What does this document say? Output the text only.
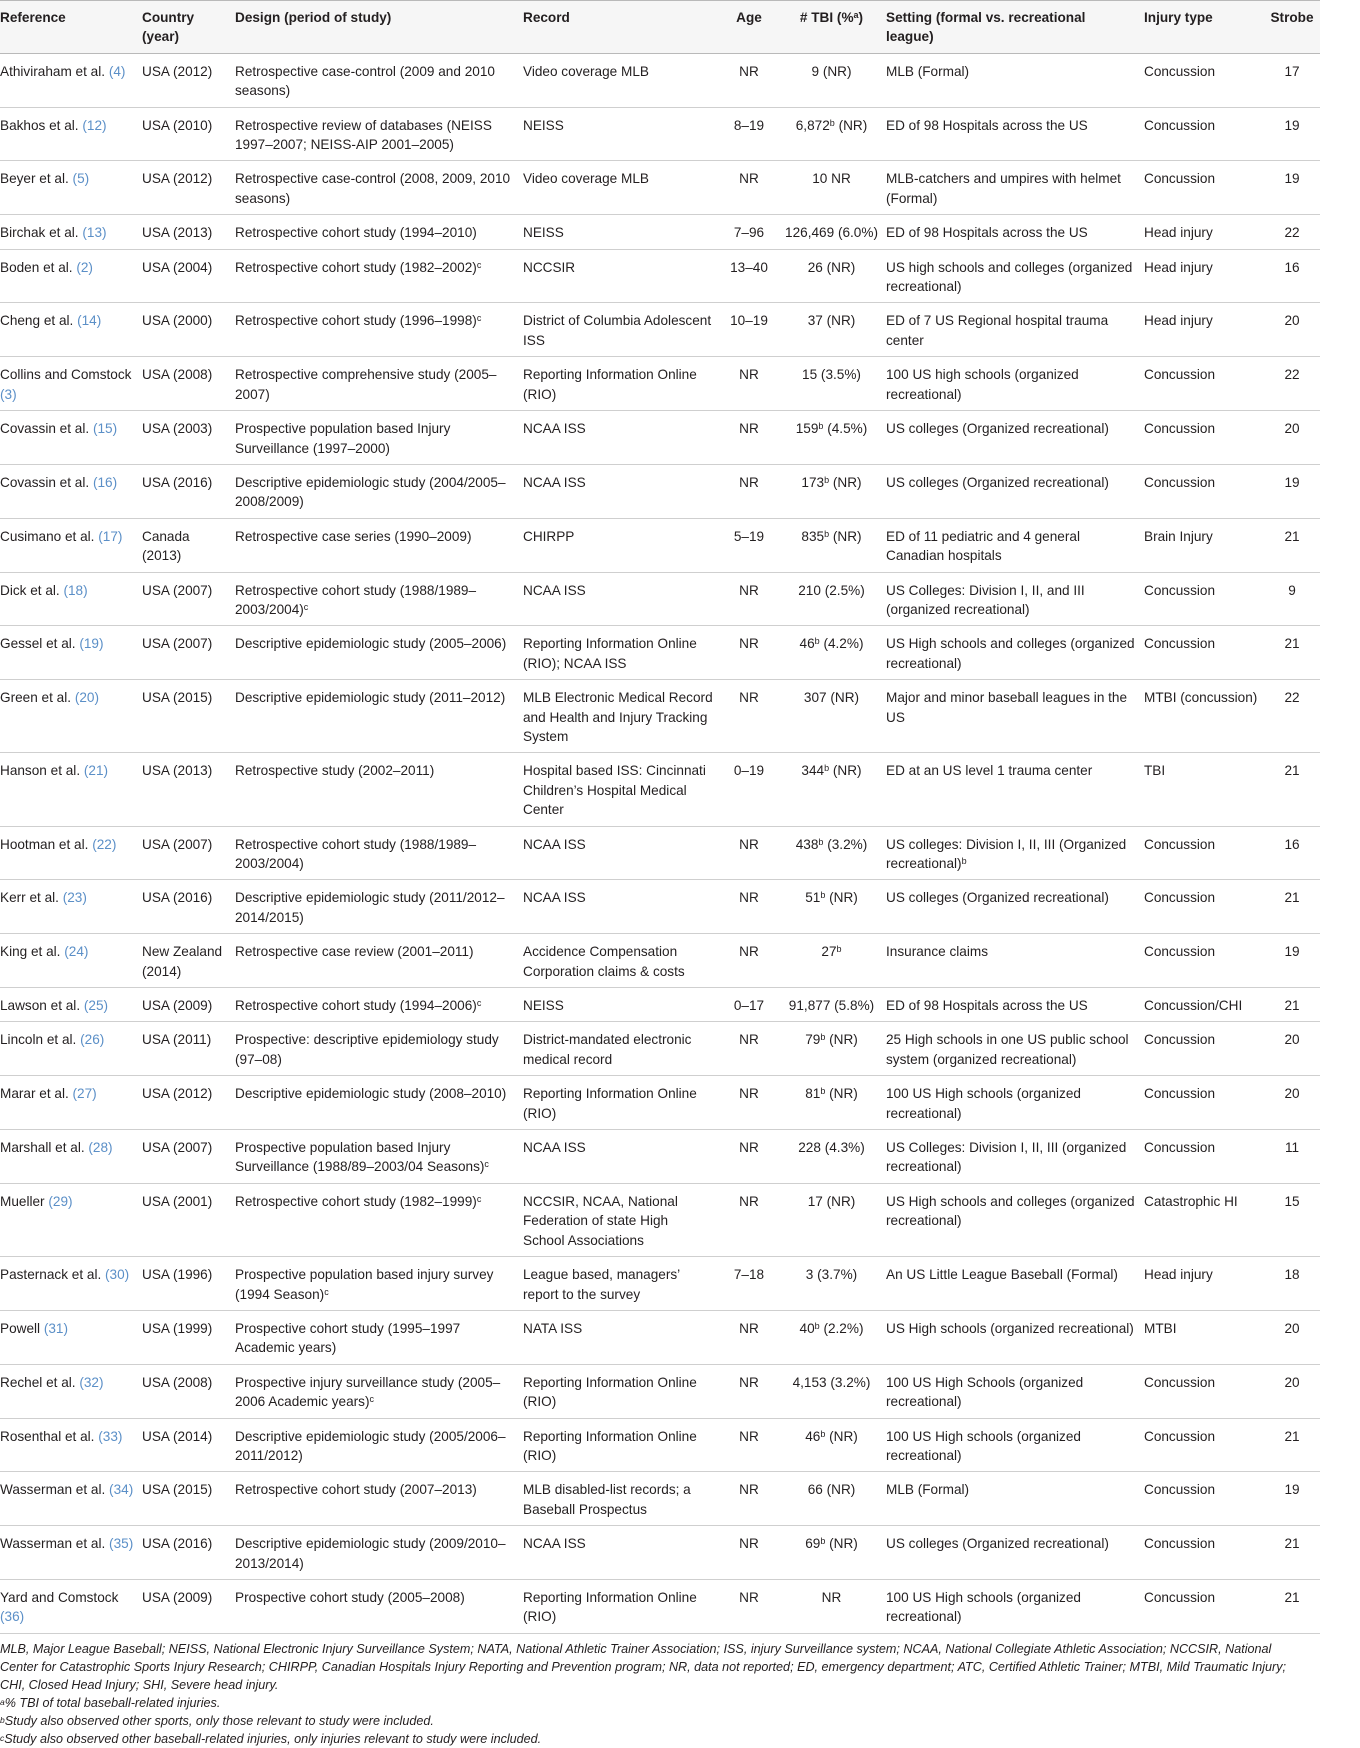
Reference	Country (year)	Design (period of study)	Record	Age	# TBI (%$^a$)	Setting (formal vs. recreational league)	Injury type	Strobe
Athiviraham et al. (4)	USA (2012)	Retrospective case-control (2009 and 2010 seasons)	Video coverage MLB	NR	9 (NR)	MLB (Formal)	Concussion	17
Bakhos et al. (12)	USA (2010)	Retrospective review of databases (NEISS 1997–2007; NEISS-AIP 2001–2005)	NEISS	8–19	6,872$^b$ (NR)	ED of 98 Hospitals across the US	Concussion	19
Beyer et al. (5)	USA (2012)	Retrospective case-control (2008, 2009, 2010 seasons)	Video coverage MLB	NR	10 NR	MLB-catchers and umpires with helmet (Formal)	Concussion	19
Birchak et al. (13)	USA (2013)	Retrospective cohort study (1994–2010)	NEISS	7–96	126,469 (6.0%)	ED of 98 Hospitals across the US	Head injury	22
Boden et al. (2)	USA (2004)	Retrospective cohort study (1982–2002)$^c$	NCCSIR	13–40	26 (NR)	US high schools and colleges (organized recreational)	Head injury	16
Cheng et al. (14)	USA (2000)	Retrospective cohort study (1996–1998)$^c$	District of Columbia Adolescent ISS	10–19	37 (NR)	ED of 7 US Regional hospital trauma center	Head injury	20
Collins and Comstock (3)	USA (2008)	Retrospective comprehensive study (2005–2007)	Reporting Information Online (RIO)	NR	15 (3.5%)	100 US high schools (organized recreational)	Concussion	22
Covassin et al. (15)	USA (2003)	Prospective population based Injury Surveillance (1997–2000)	NCAA ISS	NR	159$^b$ (4.5%)	US colleges (Organized recreational)	Concussion	20
Covassin et al. (16)	USA (2016)	Descriptive epidemiologic study (2004/2005–2008/2009)	NCAA ISS	NR	173$^b$ (NR)	US colleges (Organized recreational)	Concussion	19
Cusimano et al. (17)	Canada (2013)	Retrospective case series (1990–2009)	CHIRPP	5–19	835$^b$ (NR)	ED of 11 pediatric and 4 general Canadian hospitals	Brain Injury	21
Dick et al. (18)	USA (2007)	Retrospective cohort study $(1988/1989-2003/2004)^c$	NCAA ISS	NR	210 (2.5%)	US Colleges: Division I, II, and III (organized recreational)	Concussion	9
Gessel et al. (19)	USA (2007)	Descriptive epidemiologic study (2005–2006)	Reporting Information Online (RIO); NCAA ISS	NR	46$^b$ (4.2%)	US High schools and colleges (organized recreational)	Concussion	21
Green et al. (20)	USA (2015)	Descriptive epidemiologic study (2011–2012)	MLB Electronic Medical Record and Health and Injury Tracking System	NR	307 (NR)	Major and minor baseball leagues in the US	MTBI (concussion)	22
Hanson et al. (21)	USA (2013)	Retrospective study (2002–2011)	Hospital based ISS: Cincinnati Children’s Hospital Medical Center	0–19	344$^b$ (NR)	ED at an US level 1 trauma center	TBI	21
Hootman et al. (22)	USA (2007)	Retrospective cohort study (1988/1989–2003/2004)	NCAA ISS	NR	438$^b$ (3.2%)	US colleges: Division I, II, III (Organized recreational)$^b$	Concussion	16
Kerr et al. (23)	USA (2016)	Descriptive epidemiologic study (2011/2012–2014/2015)	NCAA ISS	NR	51$^b$ (NR)	US colleges (Organized recreational)	Concussion	21
King et al. (24)	New Zealand (2014)	Retrospective case review (2001–2011)	Accidence Compensation Corporation claims & costs	NR	27$^b$	Insurance claims	Concussion	19
Lawson et al. (25)	USA (2009)	Retrospective cohort study (1994–2006)$^c$	NEISS	0–17	91,877 (5.8%)	ED of 98 Hospitals across the US	Concussion/CHI	21
Lincoln et al. (26)	USA (2011)	Prospective: descriptive epidemiology study (97–08)	District-mandated electronic medical record	NR	79$^b$ (NR)	25 High schools in one US public school system (organized recreational)	Concussion	20
Marar et al. (27)	USA (2012)	Descriptive epidemiologic study (2008–2010)	Reporting Information Online (RIO)	NR	81$^b$ (NR)	100 US High schools (organized recreational)	Concussion	20
Marshall et al. (28)	USA (2007)	Prospective population based Injury Surveillance (1988/89–2003/04 Seasons)$^c$	NCAA ISS	NR	228 (4.3%)	US Colleges: Division I, II, III (organized recreational)	Concussion	11
Mueller (29)	USA (2001)	Retrospective cohort study (1982–1999)$^c$	NCCSIR, NCAA, National Federation of state High School Associations	NR	17 (NR)	US High schools and colleges (organized recreational)	Catastrophic HI	15
Pasternack et al. (30)	USA (1996)	Prospective population based injury survey (1994 Season)$^c$	League based, managers’ report to the survey	7–18	3 (3.7%)	An US Little League Baseball (Formal)	Head injury	18
Powell (31)	USA (1999)	Prospective cohort study (1995–1997 Academic years)	NATA ISS	NR	40$^b$ (2.2%)	US High schools (organized recreational)	MTBI	20
Rechel et al. (32)	USA (2008)	Prospective injury surveillance study (2005–2006 Academic years)$^c$	Reporting Information Online (RIO)	NR	4,153 (3.2%)	100 US High Schools (organized recreational)	Concussion	20
Rosenthal et al. (33)	USA (2014)	Descriptive epidemiologic study (2005/2006–2011/2012)	Reporting Information Online (RIO)	NR	46$^b$ (NR)	100 US High schools (organized recreational)	Concussion	21
Wasserman et al. (34)	USA (2015)	Retrospective cohort study (2007–2013)	MLB disabled-list records; a Baseball Prospectus	NR	66 (NR)	MLB (Formal)	Concussion	19
Wasserman et al. (35)	USA (2016)	Descriptive epidemiologic study (2009/2010–2013/2014)	NCAA ISS	NR	69$^b$ (NR)	US colleges (Organized recreational)	Concussion	21
Yard and Comstock (36)	USA (2009)	Prospective cohort study (2005–2008)	Reporting Information Online (RIO)	NR	NR	100 US High schools (organized recreational)	Concussion	21

MLB, Major League Baseball; NEISS, National Electronic Injury Surveillance System; NATA, National Athletic Trainer Association; ISS, injury Surveillance system; NCAA, National Collegiate Athletic Association; NCCSIR, National Center for Catastrophic Sports Injury Research; CHIRPP, Canadian Hospitals Injury Reporting and Prevention program; NR, data not reported; ED, emergency department; ATC, Certified Athletic Trainer; MTBI, Mild Traumatic Injury; CHI, Closed Head Injury; SHI, Severe head injury.

$^a$% TBI of total baseball-related injuries.

$^b$Study also observed other sports, only those relevant to study were included.

$^c$Study also observed other baseball-related injuries, only injuries relevant to study were included.
